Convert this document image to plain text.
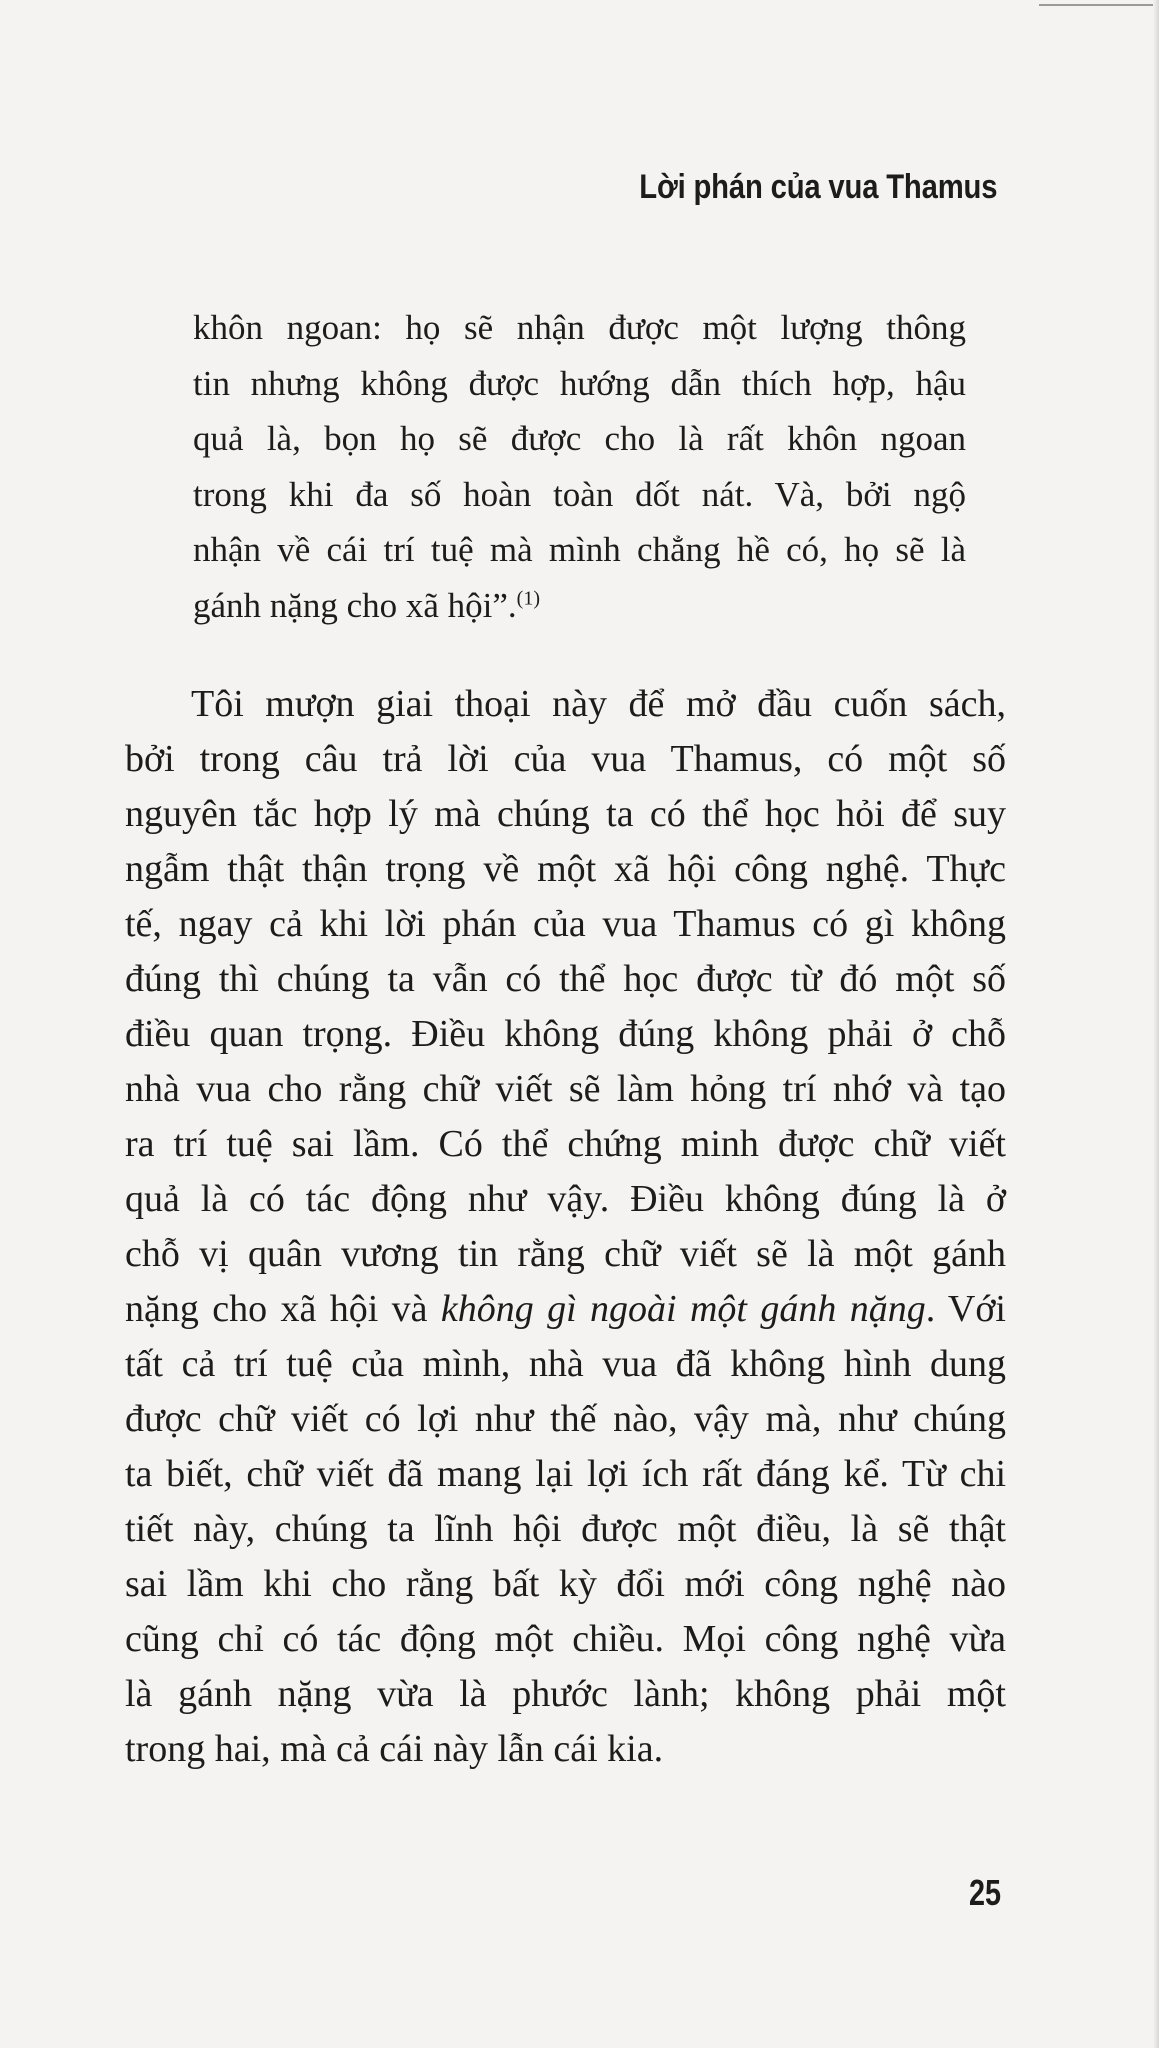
Lời phán của vua Thamus
khôn ngoan: họ sẽ nhận được một lượng thông
tin nhưng không được hướng dẫn thích hợp, hậu
quả là, bọn họ sẽ được cho là rất khôn ngoan
trong khi đa số hoàn toàn dốt nát. Và, bởi ngộ
nhận về cái trí tuệ mà mình chẳng hề có, họ sẽ là
gánh nặng cho xã hội”.$^{(1)}$
Tôi mượn giai thoại này để mở đầu cuốn sách,
bởi trong câu trả lời của vua Thamus, có một số
nguyên tắc hợp lý mà chúng ta có thể học hỏi để suy
ngẫm thật thận trọng về một xã hội công nghệ. Thực
tế, ngay cả khi lời phán của vua Thamus có gì không
đúng thì chúng ta vẫn có thể học được từ đó một số
điều quan trọng. Điều không đúng không phải ở chỗ
nhà vua cho rằng chữ viết sẽ làm hỏng trí nhớ và tạo
ra trí tuệ sai lầm. Có thể chứng minh được chữ viết
quả là có tác động như vậy. Điều không đúng là ở
chỗ vị quân vương tin rằng chữ viết sẽ là một gánh
nặng cho xã hội và không gì ngoài một gánh nặng. Với
tất cả trí tuệ của mình, nhà vua đã không hình dung
được chữ viết có lợi như thế nào, vậy mà, như chúng
ta biết, chữ viết đã mang lại lợi ích rất đáng kể. Từ chi
tiết này, chúng ta lĩnh hội được một điều, là sẽ thật
sai lầm khi cho rằng bất kỳ đổi mới công nghệ nào
cũng chỉ có tác động một chiều. Mọi công nghệ vừa
là gánh nặng vừa là phước lành; không phải một
trong hai, mà cả cái này lẫn cái kia.
25
